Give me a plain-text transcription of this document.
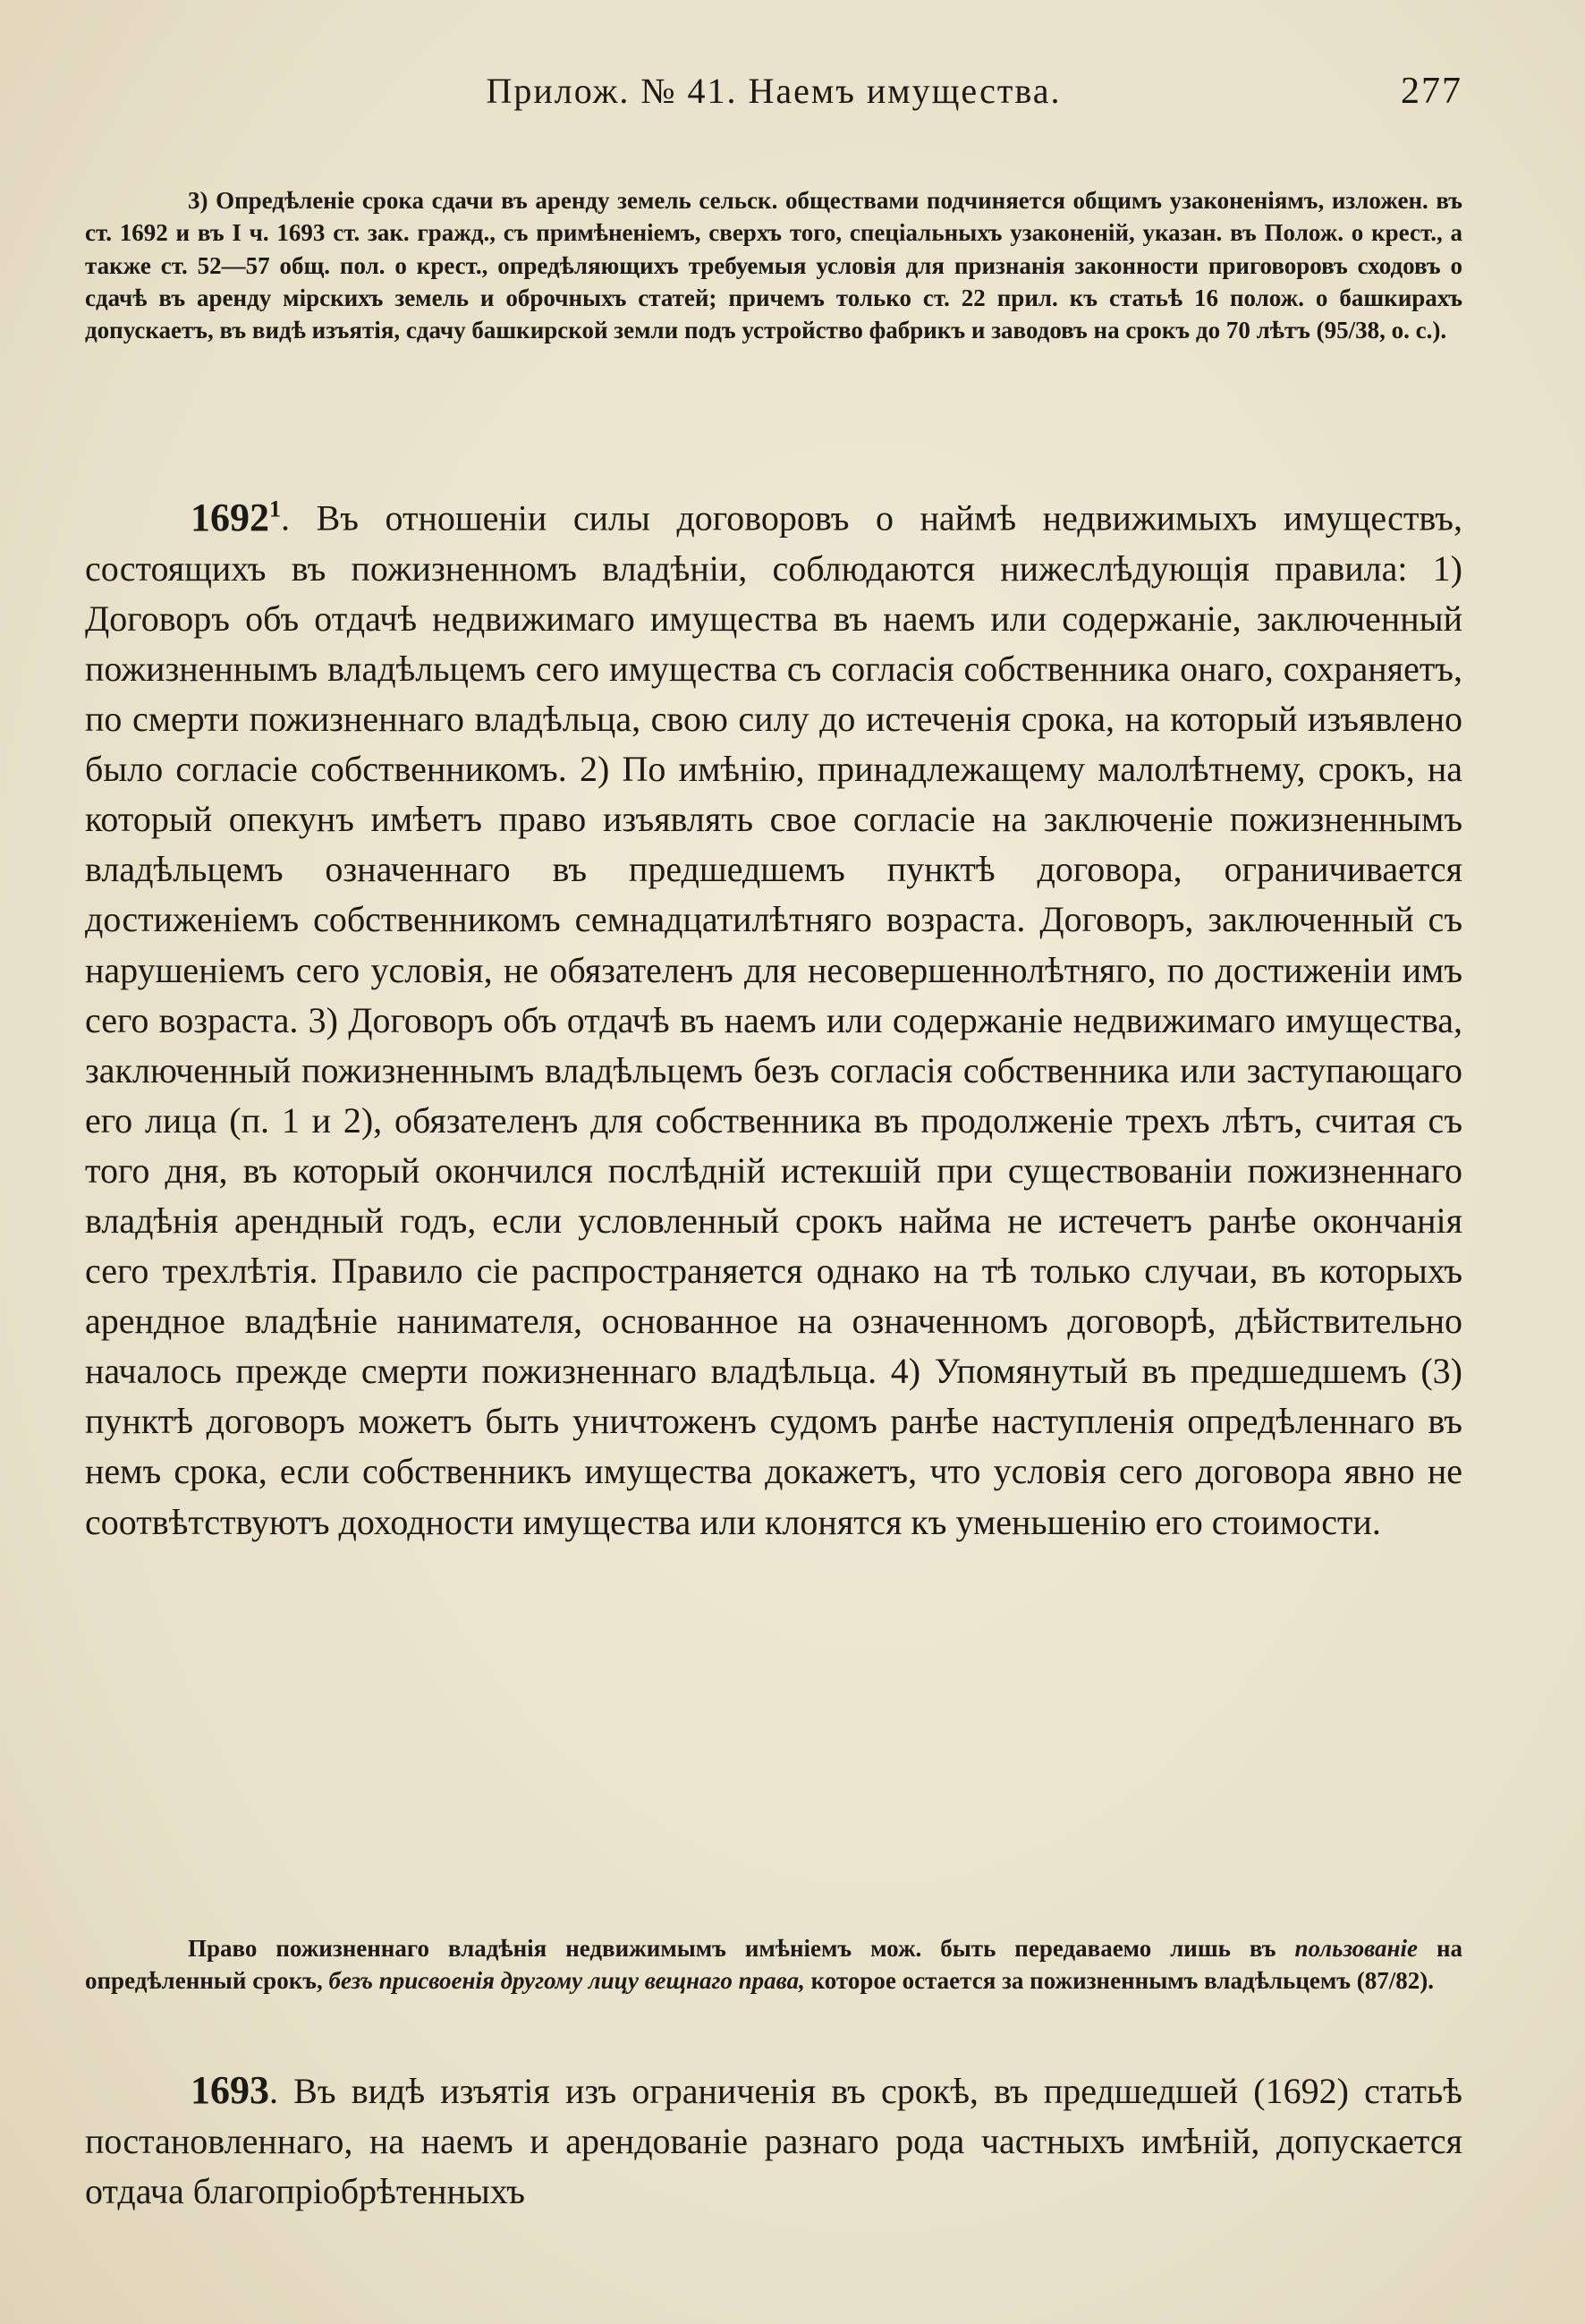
Прилож. № 41. Наемъ имущества.	277

3) Опредѣленіе срока сдачи въ аренду земель сельск. обществами подчиняется общимъ узаконеніямъ, изложен. въ ст. 1692 и въ I ч. 1693 ст. зак. гражд., съ примѣненіемъ, сверхъ того, спеціальныхъ узаконеній, указан. въ Полож. о крест., а также ст. 52—57 общ. пол. о крест., опредѣляющихъ требуемыя условія для признанія законности приговоровъ сходовъ о сдачѣ въ аренду мірскихъ земель и оброчныхъ статей; причемъ только ст. 22 прил. къ статьѣ 16 полож. о башкирахъ допускаетъ, въ видѣ изъятія, сдачу башкирской земли подъ устройство фабрикъ и заводовъ на срокъ до 70 лѣтъ (95/38, о. с.).

1692$^1$. Въ отношеніи силы договоровъ о наймѣ недвижимыхъ имуществъ, состоящихъ въ пожизненномъ владѣніи, соблюдаются нижеслѣдующія правила: 1) Договоръ объ отдачѣ недвижимаго имущества въ наемъ или содержаніе, заключенный пожизненнымъ владѣльцемъ сего имущества съ согласія собственника онаго, сохраняетъ, по смерти пожизненнаго владѣльца, свою силу до истеченія срока, на который изъявлено было согласіе собственникомъ. 2) По имѣнію, принадлежащему малолѣтнему, срокъ, на который опекунъ имѣетъ право изъявлять свое согласіе на заключеніе пожизненнымъ владѣльцемъ означеннаго въ предшедшемъ пунктѣ договора, ограничивается достиженіемъ собственникомъ семнадцатилѣтняго возраста. Договоръ, заключенный съ нарушеніемъ сего условія, не обязателенъ для несовершеннолѣтняго, по достиженіи имъ сего возраста. 3) Договоръ объ отдачѣ въ наемъ или содержаніе недвижимаго имущества, заключенный пожизненнымъ владѣльцемъ безъ согласія собственника или заступающаго его лица (п. 1 и 2), обязателенъ для собственника въ продолженіе трехъ лѣтъ, считая съ того дня, въ который окончился послѣдній истекшій при существованіи пожизненнаго владѣнія арендный годъ, если условленный срокъ найма не истечетъ ранѣе окончанія сего трехлѣтія. Правило сіе распространяется однако на тѣ только случаи, въ которыхъ арендное владѣніе нанимателя, основанное на означенномъ договорѣ, дѣйствительно началось прежде смерти пожизненнаго владѣльца. 4) Упомянутый въ предшедшемъ (3) пунктѣ договоръ можетъ быть уничтоженъ судомъ ранѣе наступленія опредѣленнаго въ немъ срока, если собственникъ имущества докажетъ, что условія сего договора явно не соотвѣтствуютъ доходности имущества или клонятся къ уменьшенію его стоимости.

Право пожизненнаго владѣнія недвижимымъ имѣніемъ мож. быть передаваемо лишь въ пользованіе на опредѣленный срокъ, безъ присвоенія другому лицу вещнаго права, которое остается за пожизненнымъ владѣльцемъ (87/82).

1693. Въ видѣ изъятія изъ ограниченія въ срокѣ, въ предшедшей (1692) статьѣ постановленнаго, на наемъ и арендованіе разнаго рода частныхъ имѣній, допускается отдача благопріобрѣтенныхъ
